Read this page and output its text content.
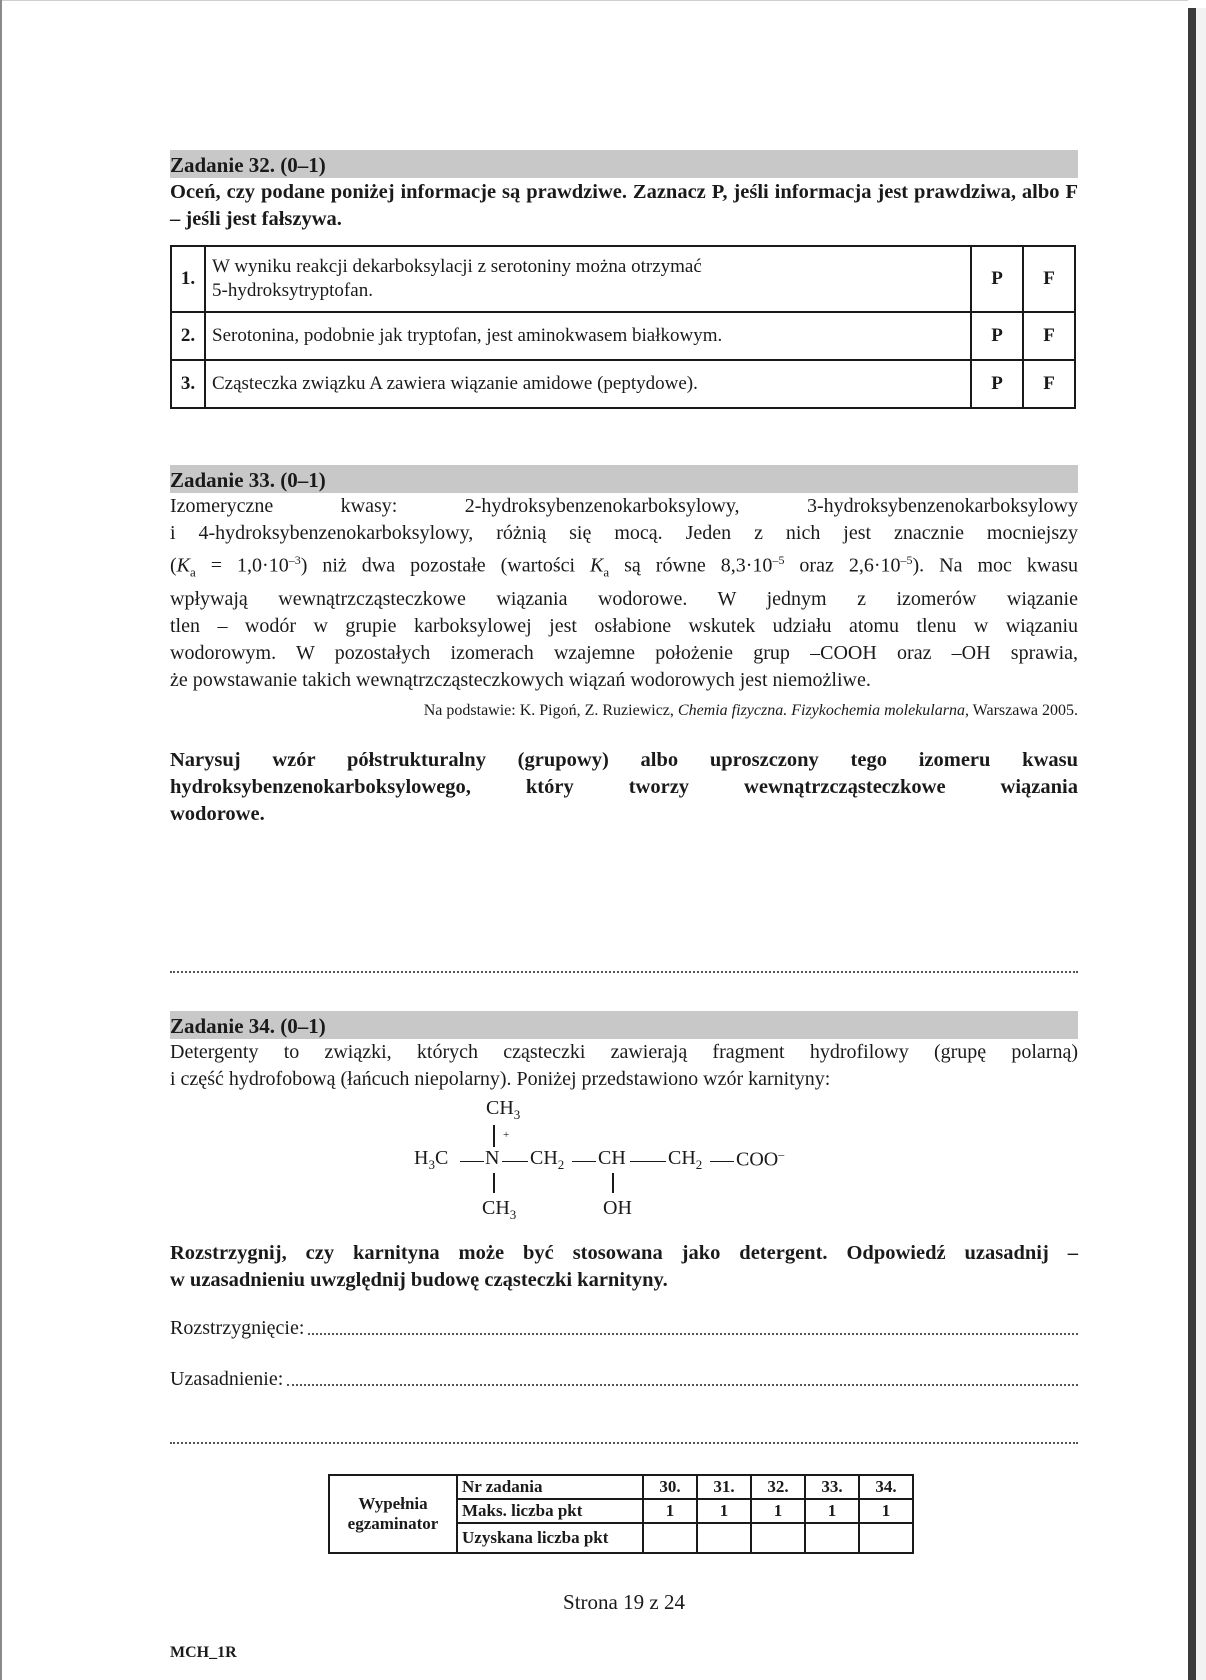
Zadanie 32. (0–1)

Oceń, czy podane poniżej informacje są prawdziwe. Zaznacz P, jeśli informacja jest prawdziwa, albo F – jeśli jest fałszywa.

1.	W wyniku reakcji dekarboksylacji z serotoniny można otrzymać
5-hydroksytryptofan.	P	F
2.	Serotonina, podobnie jak tryptofan, jest aminokwasem białkowym.	P	F
3.	Cząsteczka związku A zawiera wiązanie amidowe (peptydowe).	P	F
Zadanie 33. (0–1)

Izomeryczne kwasy: 2-hydroksybenzenokarboksylowy, 3-hydroksybenzenokarboksylowy

i 4-hydroksybenzenokarboksylowy, różnią się mocą. Jeden z nich jest znacznie mocniejszy

$(K_a = 1,0\cdot 10^{-3})$ niż dwa pozostałe (wartości $K_a$ są równe $8,3\cdot 10^{-5}$ oraz $2,6\cdot 10^{-5}$). Na moc kwasu

wpływają wewnątrzcząsteczkowe wiązania wodorowe. W jednym z izomerów wiązanie

tlen – wodór w grupie karboksylowej jest osłabione wskutek udziału atomu tlenu w wiązaniu

wodorowym. W pozostałych izomerach wzajemne położenie grup –COOH oraz –OH sprawia,

że powstawanie takich wewnątrzcząsteczkowych wiązań wodorowych jest niemożliwe.

Na podstawie: K. Pigoń, Z. Ruziewicz, Chemia fizyczna. Fizykochemia molekularna, Warszawa 2005.

Narysuj wzór półstrukturalny (grupowy) albo uproszczony tego izomeru kwasu

hydroksybenzenokarboksylowego, który tworzy wewnątrzcząsteczkowe wiązania

wodorowe.

Zadanie 34. (0–1)

Detergenty to związki, których cząsteczki zawierają fragment hydrofilowy (grupę polarną)

i część hydrofobową (łańcuch niepolarny). Poniżej przedstawiono wzór karnityny:

$CH_3$
+
$H_3C$ N $CH_2$ CH $CH_2$ COO–
$CH_3$	OH

Rozstrzygnij, czy karnityna może być stosowana jako detergent. Odpowiedź uzasadnij –

w uzasadnieniu uwzględnij budowę cząsteczki karnityny.

Rozstrzygnięcie:
Uzasadnienie:
Wypełnia
egzaminator	Nr zadania	30.	31.	32.	33.	34.
	Maks. liczba pkt	1	1	1	1	1
	Uzyskana liczba pkt					
Strona 19 z 24
MCH_1R
